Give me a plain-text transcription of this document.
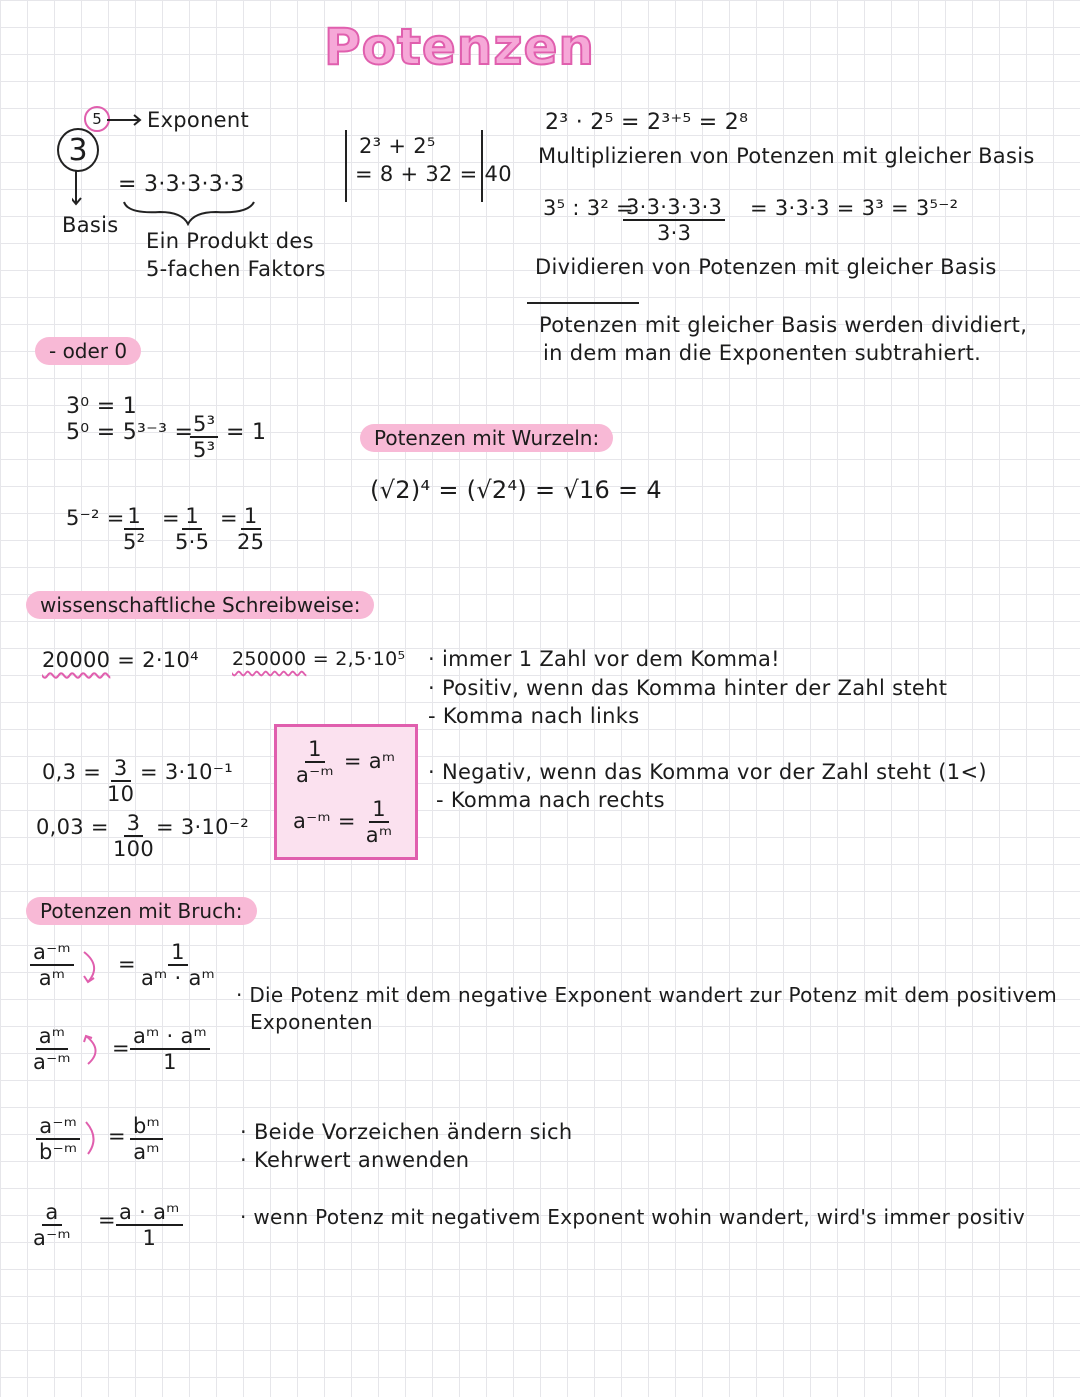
Potenzen
3
5 Exponent
Basis
= 3·3·3·3·3
Ein Produkt des
5-fachen Faktors
2³ + 2⁵
= 8 + 32 = 40
2³ · 2⁵ = 2³⁺⁵ = 2⁸
Multiplizieren von Potenzen mit gleicher Basis
3⁵ : 3² =
$\frac{3\cdot 3\cdot 3\cdot 3\cdot 3}{3\cdot 3} = 3\cdot 3\cdot 3 = 3^3 = 3^{5-2}$
Dividieren von Potenzen mit gleicher Basis
Potenzen mit gleicher Basis werden dividiert,
in dem man die Exponenten subtrahiert.
- oder 0
3⁰ = 1
5⁰ = 5³⁻³ =
$\frac{\text{5³}}{\text{5³}} = 1$
5⁻² =
$\frac{1}{\text{5²}}$ =
$\frac{1}{5\cdot 5}$ =
$\frac{1}{25}$
Potenzen mit Wurzeln:
(√2)⁴ = (√2⁴) = √16 = 4
wissenschaftliche Schreibweise:
20000 = 2·10⁴ 250000 = 2,5·10⁵ · immer 1 Zahl vor dem Komma!
· Positiv, wenn das Komma hinter der Zahl steht
- Komma nach links
$0,3 = \frac{3}{10} = 3\cdot 10^{-1}$
$0,03 = \frac{3}{100} = 3\cdot 10^{-2}$
$\frac{1}{\text{a⁻ᵐ}}$ = aᵐ
a⁻ᵐ = $\frac{1}{\text{aᵐ}}$
· Negativ, wenn das Komma vor der Zahl steht (1<)
- Komma nach rechts
Potenzen mit Bruch:
$\frac{\text{a⁻ᵐ}}{\text{aᵐ}} = \frac{1}{\text{aᵐ · aᵐ}}$
$\frac{\text{aᵐ}}{\text{a⁻ᵐ}} = \frac{\text{aᵐ · aᵐ}}{1}$
$\frac{\text{a⁻ᵐ}}{\text{b⁻ᵐ}} = \frac{\text{bᵐ}}{\text{aᵐ}}$
$\frac{a}{\text{a⁻ᵐ}} = \frac{\text{a · aᵐ}}{1}$
· Die Potenz mit dem negative Exponent wandert zur Potenz mit dem positivem
Exponenten
· Beide Vorzeichen ändern sich
· Kehrwert anwenden
· wenn Potenz mit negativem Exponent wohin wandert, wird's immer positiv
